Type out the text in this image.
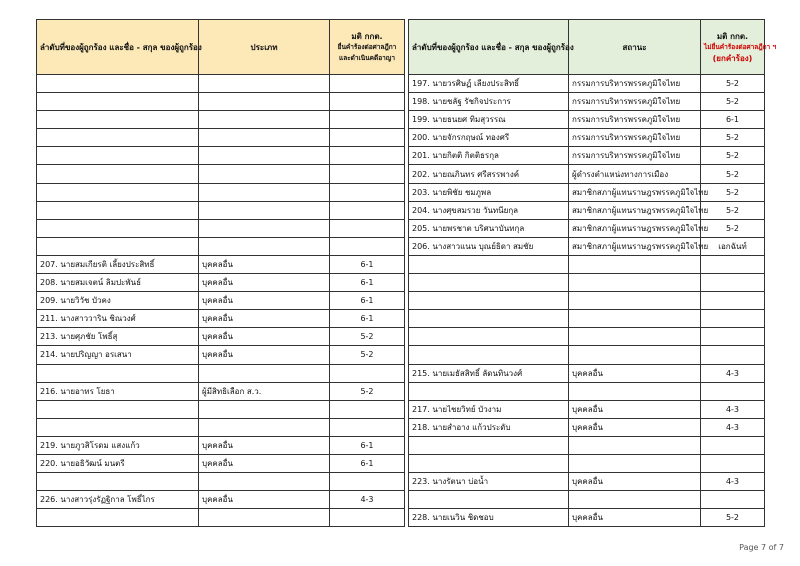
ลำดับที่ของผู้ถูกร้อง และชื่อ - สกุล ของผู้ถูกร้อง	ประเภท	มติ กกต.
ยื่นคำร้องต่อศาลฎีกา
และดำเนินคดีอาญา

207. นายสมเกียรติ เลี้ยงประสิทธิ์	บุคคลอื่น	6-1
208. นายสมเจตน์ ลิมปะพันธ์	บุคคลอื่น	6-1
209. นายวิวัช บัวคง	บุคคลอื่น	6-1
211. นางสาววาริน ชิณวงศ์	บุคคลอื่น	6-1
213. นายศุภชัย โพธิ์สุ	บุคคลอื่น	5-2
214. นายปริญญา อรเสนา	บุคคลอื่น	5-2

216. นายอาทร โยธา	ผู้มีสิทธิเลือก ส.ว.	5-2

219. นายภูวสิโรดม แสงแก้ว	บุคคลอื่น	6-1
220. นายอธิวัฒน์ มนตรี	บุคคลอื่น	6-1

226. นางสาวรุ่งรัฏฐิกาล โพธิ์ไกร	บุคคลอื่น	4-3

ลำดับที่ของผู้ถูกร้อง และชื่อ - สกุล ของผู้ถูกร้อง	สถานะ	มติ กกต.
ไม่ยื่นคำร้องต่อศาลฎีกา ฯ
(ยกคำร้อง)

197. นายวรศิษฏ์ เลียงประสิทธิ์	กรรมการบริหารพรรคภูมิใจไทย	5-2
198. นายชลัฐ รัชกิจประการ	กรรมการบริหารพรรคภูมิใจไทย	5-2
199. นายธนยศ ทิมสุวรรณ	กรรมการบริหารพรรคภูมิใจไทย	6-1
200. นายจักรกฤษณ์ ทองศรี	กรรมการบริหารพรรคภูมิใจไทย	5-2
201. นายกิตติ กิตติธรกุล	กรรมการบริหารพรรคภูมิใจไทย	5-2
202. นายณภินทร ศรีสรรพางค์	ผู้ดำรงตำแหน่งทางการเมือง	5-2
203. นายพิชัย ชมภูพล	สมาชิกสภาผู้แทนราษฎรพรรคภูมิใจไทย	5-2
204. นางศุขสมรวย วันทนียกุล	สมาชิกสภาผู้แทนราษฎรพรรคภูมิใจไทย	5-2
205. นายพรชาต บริศนาบันทกุล	สมาชิกสภาผู้แทนราษฎรพรรคภูมิใจไทย	5-2
206. นางสาวแนน บุณย์ธิดา สมชัย	สมาชิกสภาผู้แทนราษฎรพรรคภูมิใจไทย	เอกฉันท์

215. นายเมธัสสิทธิ์ ลัดนทินวงศ์	บุคคลอื่น	4-3

217. นายไชยวิทย์ บัวงาม	บุคคลอื่น	4-3
218. นายสำอาง แก้วประดับ	บุคคลอื่น	4-3

223. นางรัตนา บ่อน้ำ	บุคคลอื่น	4-3

228. นายเนวิน ชิดชอบ	บุคคลอื่น	5-2
Page 7 of 7
